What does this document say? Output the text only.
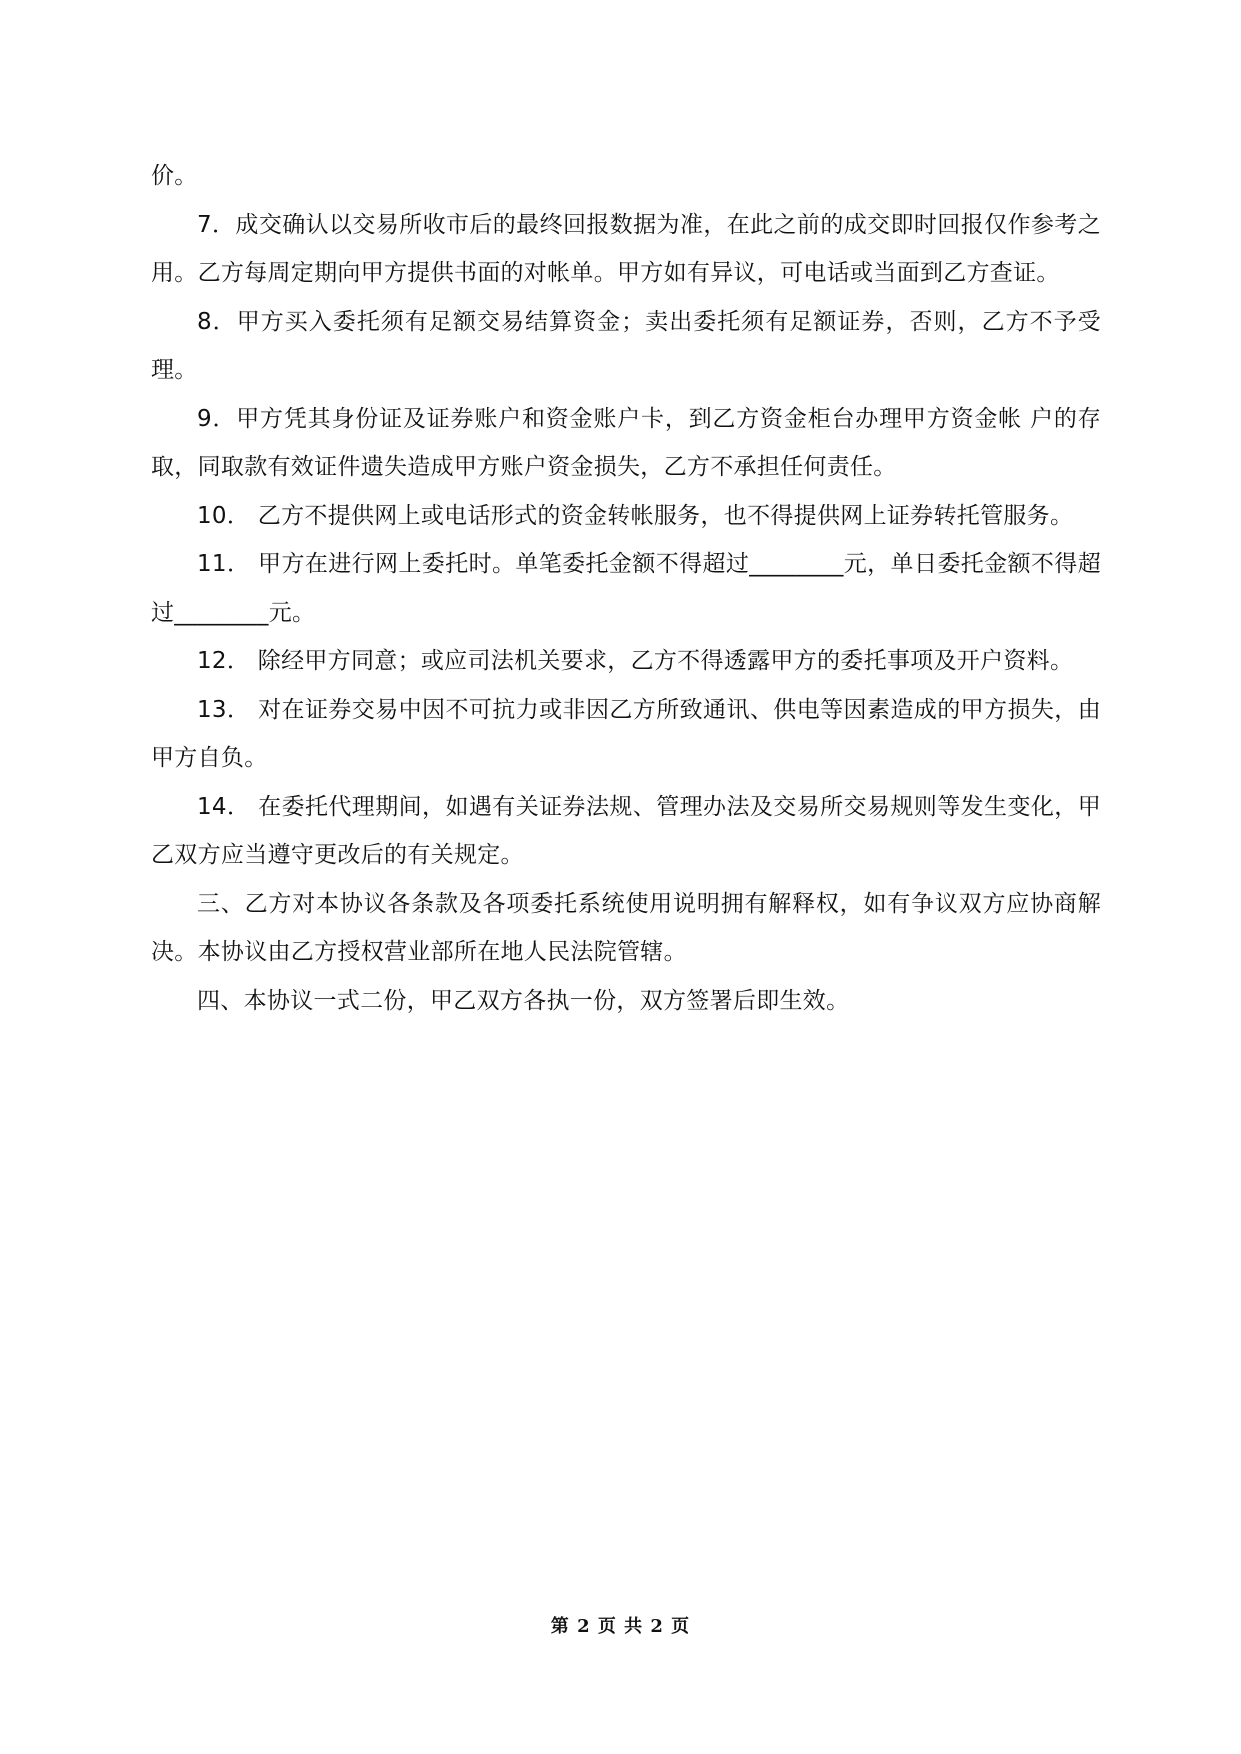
价。

7．成交确认以交易所收市后的最终回报数据为准，在此之前的成交即时回报仅作参考之用。乙方每周定期向甲方提供书面的对帐单。甲方如有异议，可电话或当面到乙方查证。

8．甲方买入委托须有足额交易结算资金；卖出委托须有足额证券，否则，乙方不予受理。

9．甲方凭其身份证及证券账户和资金账户卡，到乙方资金柜台办理甲方资金帐 户的存取，同取款有效证件遗失造成甲方账户资金损失，乙方不承担任何责任。

10． 乙方不提供网上或电话形式的资金转帐服务，也不得提供网上证券转托管服务。

11． 甲方在进行网上委托时。单笔委托金额不得超过________元，单日委托金额不得超过________元。

12． 除经甲方同意；或应司法机关要求，乙方不得透露甲方的委托事项及开户资料。

13． 对在证券交易中因不可抗力或非因乙方所致通讯、供电等因素造成的甲方损失，由甲方自负。

14． 在委托代理期间，如遇有关证券法规、管理办法及交易所交易规则等发生变化，甲乙双方应当遵守更改后的有关规定。

三、乙方对本协议各条款及各项委托系统使用说明拥有解释权，如有争议双方应协商解决。本协议由乙方授权营业部所在地人民法院管辖。

四、本协议一式二份，甲乙双方各执一份，双方签署后即生效。

第 2 页 共 2 页
